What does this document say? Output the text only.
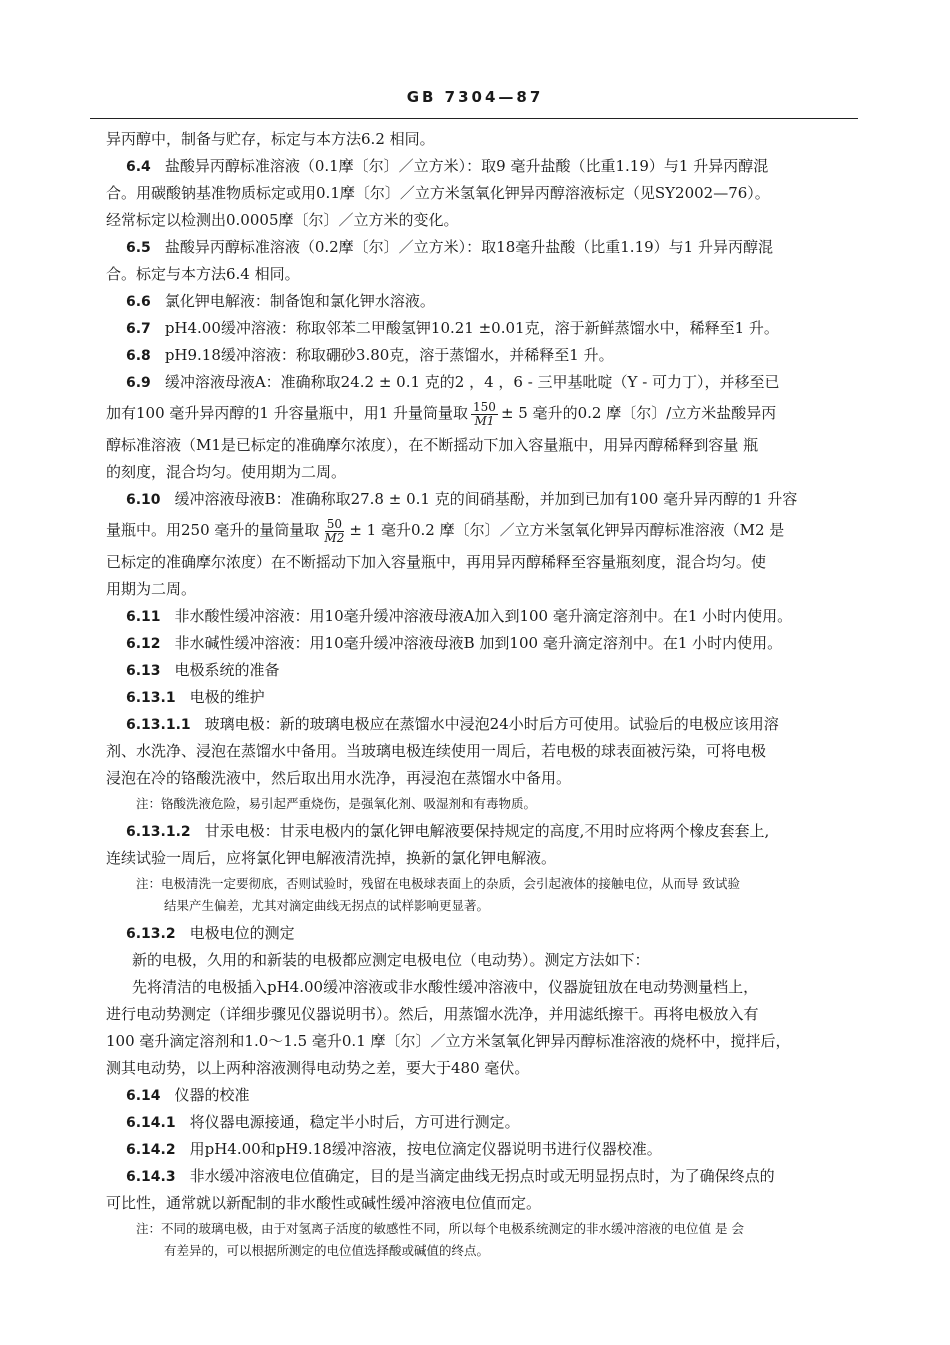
GB 7304—87

异丙醇中，制备与贮存，标定与本方法6.2 相同。

6.4 盐酸异丙醇标准溶液（0.1摩〔尔〕／立方米）：取9 毫升盐酸（比重1.19）与1 升异丙醇混

合。用碳酸钠基准物质标定或用0.1摩〔尔〕／立方米氢氧化钾异丙醇溶液标定（见SY2002—76）。

经常标定以检测出0.0005摩〔尔〕／立方米的变化。

6.5 盐酸异丙醇标准溶液（0.2摩〔尔〕／立方米）：取18毫升盐酸（比重1.19）与1 升异丙醇混

合。标定与本方法6.4 相同。

6.6 氯化钾电解液：制备饱和氯化钾水溶液。

6.7 pH4.00缓冲溶液：称取邻苯二甲酸氢钾10.21 ±0.01克，溶于新鲜蒸馏水中，稀释至1 升。

6.8 pH9.18缓冲溶液：称取硼砂3.80克，溶于蒸馏水，并稀释至1 升。

6.9 缓冲溶液母液A：准确称取24.2 ± 0.1 克的2 ，4 ，6 - 三甲基吡啶（Y - 可力丁），并移至已

加有100 毫升异丙醇的1 升容量瓶中，用1 升量筒量取 $\frac{150}{M1} \pm 5$ 毫升的0.2 摩〔尔〕/立方米盐酸异丙

醇标准溶液（M1是已标定的准确摩尔浓度），在不断摇动下加入容量瓶中，用异丙醇稀释到容量 瓶

的刻度，混合均匀。使用期为二周。

6.10 缓冲溶液母液B：准确称取27.8 ± 0.1 克的间硝基酚，并加到已加有100 毫升异丙醇的1 升容

量瓶中。用250 毫升的量筒量取 $\frac{50}{M2} \pm 1$ 毫升0.2 摩〔尔〕／立方米氢氧化钾异丙醇标准溶液（M2 是

已标定的准确摩尔浓度）在不断摇动下加入容量瓶中，再用异丙醇稀释至容量瓶刻度，混合均匀。使

用期为二周。

6.11 非水酸性缓冲溶液：用10毫升缓冲溶液母液A加入到100 毫升滴定溶剂中。在1 小时内使用。

6.12 非水碱性缓冲溶液：用10毫升缓冲溶液母液B 加到100 毫升滴定溶剂中。在1 小时内使用。

6.13 电极系统的准备

6.13.1 电极的维护

6.13.1.1 玻璃电极：新的玻璃电极应在蒸馏水中浸泡24小时后方可使用。试验后的电极应该用溶

剂、水洗净、浸泡在蒸馏水中备用。当玻璃电极连续使用一周后，若电极的球表面被污染，可将电极

浸泡在冷的铬酸洗液中，然后取出用水洗净，再浸泡在蒸馏水中备用。

注：铬酸洗液危险，易引起严重烧伤，是强氧化剂、吸湿剂和有毒物质。

6.13.1.2 甘汞电极：甘汞电极内的氯化钾电解液要保持规定的高度,不用时应将两个橡皮套套上,

连续试验一周后，应将氯化钾电解液清洗掉，换新的氯化钾电解液。

注：电极清洗一定要彻底，否则试验时，残留在电极球表面上的杂质，会引起液体的接触电位，从而导 致试验

结果产生偏差，尤其对滴定曲线无拐点的试样影响更显著。

6.13.2 电极电位的测定

新的电极，久用的和新装的电极都应测定电极电位（电动势）。测定方法如下：

先将清洁的电极插入pH4.00缓冲溶液或非水酸性缓冲溶液中，仪器旋钮放在电动势测量档上，

进行电动势测定（详细步骤见仪器说明书）。然后，用蒸馏水洗净，并用滤纸擦干。再将电极放入有

100 毫升滴定溶剂和1.0～1.5 毫升0.1 摩〔尔〕／立方米氢氧化钾异丙醇标准溶液的烧杯中，搅拌后，

测其电动势，以上两种溶液测得电动势之差，要大于480 毫伏。

6.14 仪器的校准

6.14.1 将仪器电源接通，稳定半小时后，方可进行测定。

6.14.2 用pH4.00和pH9.18缓冲溶液，按电位滴定仪器说明书进行仪器校准。

6.14.3 非水缓冲溶液电位值确定，目的是当滴定曲线无拐点时或无明显拐点时，为了确保终点的

可比性，通常就以新配制的非水酸性或碱性缓冲溶液电位值而定。

注：不同的玻璃电极，由于对氢离子活度的敏感性不同，所以每个电极系统测定的非水缓冲溶液的电位值 是 会

有差异的，可以根据所测定的电位值选择酸或碱值的终点。
